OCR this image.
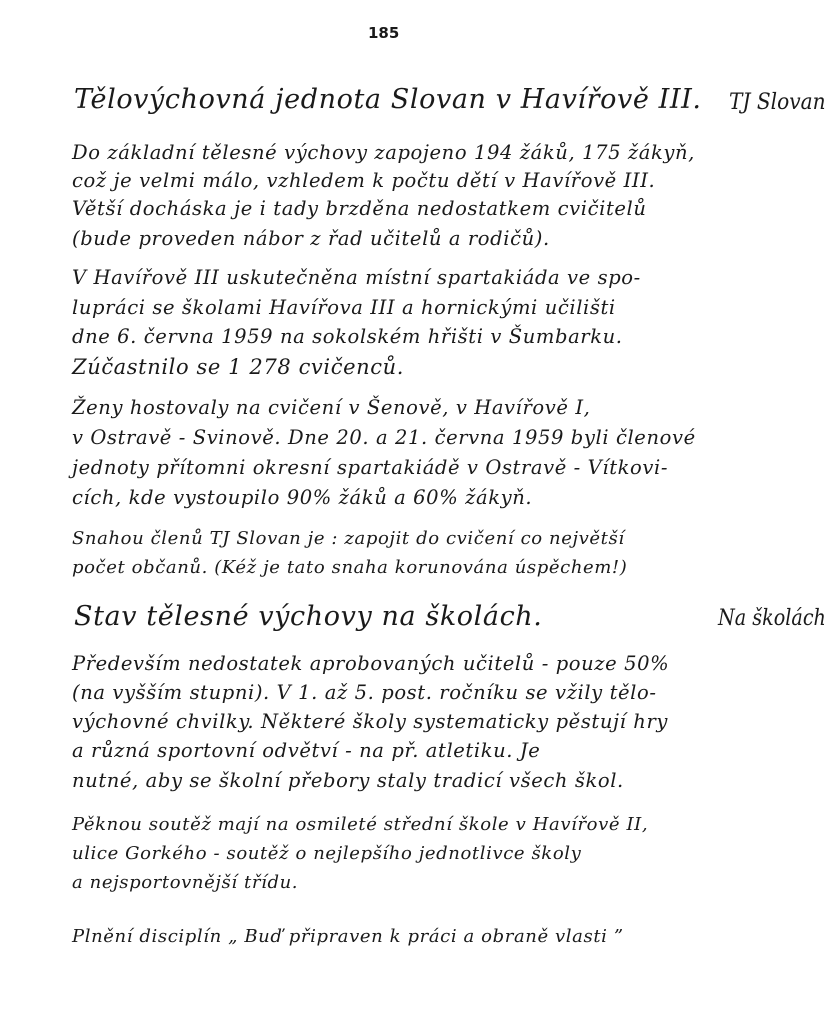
185
Tělovýchovná jednota Slovan v Havířově III. TJ Slovan
Do základní tělesné výchovy zapojeno 194 žáků, 175 žákyň,
což je velmi málo, vzhledem k počtu dětí v Havířově III.
Větší docháska je i tady brzděna nedostatkem cvičitelů
(bude proveden nábor z řad učitelů a rodičů).
V Havířově III uskutečněna místní spartakiáda ve spo-
lupráci se školami Havířova III a hornickými učilišti
dne 6. června 1959 na sokolském hřišti v Šumbarku.
Zúčastnilo se 1 278 cvičenců.
Ženy hostovaly na cvičení v Šenově, v Havířově I,
v Ostravě - Svinově. Dne 20. a 21. června 1959 byli členové
jednoty přítomni okresní spartakiádě v Ostravě - Vítkovi-
cích, kde vystoupilo 90% žáků a 60% žákyň.
Snahou členů TJ Slovan je : zapojit do cvičení co největší
počet občanů. (Kéž je tato snaha korunována úspěchem!)
Stav tělesné výchovy na školách.	Na školách
Především nedostatek aprobovaných učitelů - pouze 50%
(na vyšším stupni). V 1. až 5. post. ročníku se vžily tělo-
výchovné chvilky. Některé školy systematicky pěstují hry
a různá sportovní odvětví - na př. atletiku. Je
nutné, aby se školní přebory staly tradicí všech škol.
Pěknou soutěž mají na osmileté střední škole v Havířově II,
ulice Gorkého - soutěž o nejlepšího jednotlivce školy
a nejsportovnější třídu.
Plnění disciplín „ Buď připraven k práci a obraně vlasti ”
